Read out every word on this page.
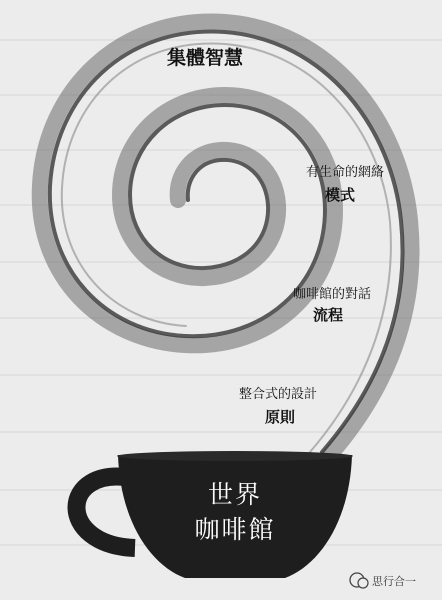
集體智慧
有生命的網絡
模式
咖啡館的對話
流程
整合式的設計
原則
世界
咖啡館
思行合一
